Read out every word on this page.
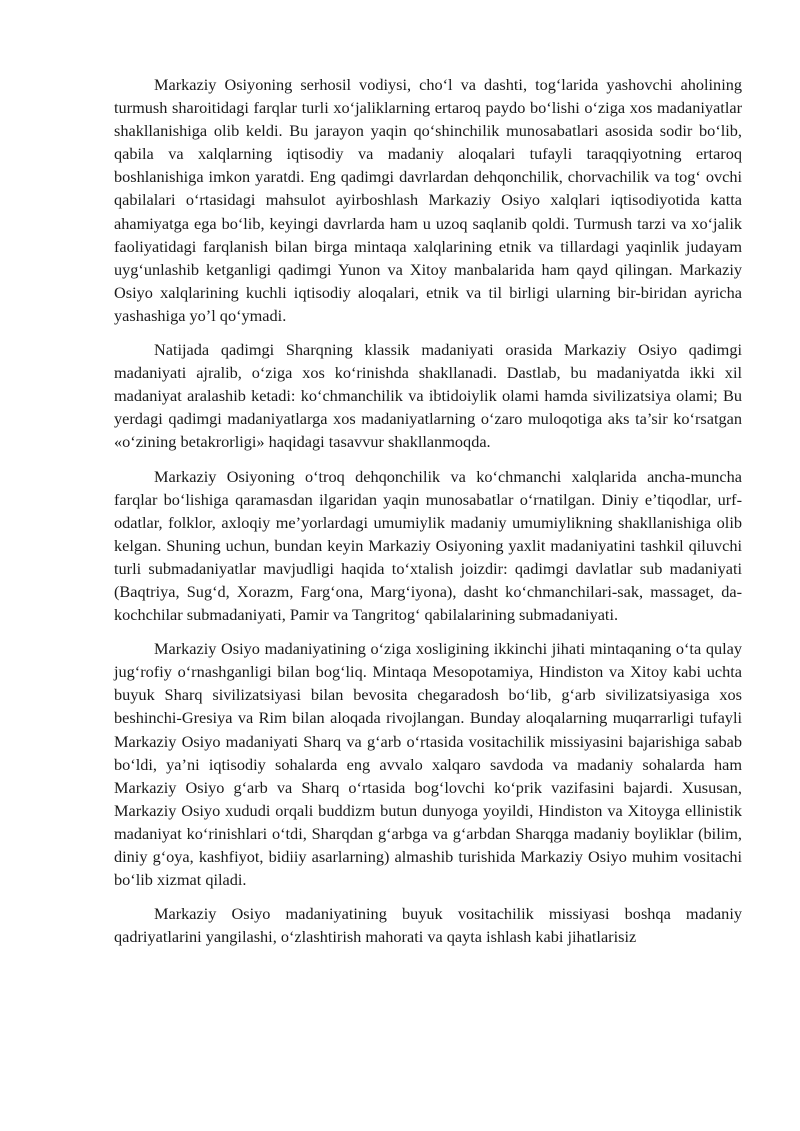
Markaziy Osiyoning serhosil vodiysi, cho‘l va dashti, tog‘larida yashovchi aholining turmush sharoitidagi farqlar turli xo‘jaliklarning ertaroq paydo bo‘lishi o‘ziga xos madaniyatlar shakllanishiga olib keldi. Bu jarayon yaqin qo‘shinchilik munosabatlari asosida sodir bo‘lib, qabila va xalqlarning iqtisodiy va madaniy aloqalari tufayli taraqqiyotning ertaroq boshlanishiga imkon yaratdi. Eng qadimgi davrlardan dehqonchilik, chorvachilik va tog‘ ovchi qabilalari o‘rtasidagi mahsulot ayirboshlash Markaziy Osiyo xalqlari iqtisodiyotida katta ahamiyatga ega bo‘lib, keyingi davrlarda ham u uzoq saqlanib qoldi. Turmush tarzi va xo‘jalik faoliyatidagi farqlanish bilan birga mintaqa xalqlarining etnik va tillardagi yaqinlik judayam uyg‘unlashib ketganligi qadimgi Yunon va Xitoy manbalarida ham qayd qilingan. Markaziy Osiyo xalqlarining kuchli iqtisodiy aloqalari, etnik va til birligi ularning bir-biridan ayricha yashashiga yo’l qo‘ymadi.

Natijada qadimgi Sharqning klassik madaniyati orasida Markaziy Osiyo qadimgi madaniyati ajralib, o‘ziga xos ko‘rinishda shakllanadi. Dastlab, bu madaniyatda ikki xil madaniyat aralashib ketadi: ko‘chmanchilik va ibtidoiylik olami hamda sivilizatsiya olami; Bu yerdagi qadimgi madaniyatlarga xos madaniyatlarning o‘zaro muloqotiga aks ta’sir ko‘rsatgan «o‘zining betakrorligi» haqidagi tasavvur shakllanmoqda.

Markaziy Osiyoning o‘troq dehqonchilik va ko‘chmanchi xalqlarida ancha-muncha farqlar bo‘lishiga qaramasdan ilgaridan yaqin munosabatlar o‘rnatilgan. Diniy e’tiqodlar, urf-odatlar, folklor, axloqiy me’yorlardagi umumiylik madaniy umumiylikning shakllanishiga olib kelgan. Shuning uchun, bundan keyin Markaziy Osiyoning yaxlit madaniyatini tashkil qiluvchi turli submadaniyatlar mavjudligi haqida to‘xtalish joizdir: qadimgi davlatlar sub madaniyati (Baqtriya, Sug‘d, Xorazm, Farg‘ona, Marg‘iyona), dasht ko‘chmanchilari-sak, massaget, da-kochchilar submadaniyati, Pamir va Tangritog‘ qabilalarining submadaniyati.

Markaziy Osiyo madaniyatining o‘ziga xosligining ikkinchi jihati mintaqaning o‘ta qulay jug‘rofiy o‘rnashganligi bilan bog‘liq. Mintaqa Mesopotamiya, Hindiston va Xitoy kabi uchta buyuk Sharq sivilizatsiyasi bilan bevosita chegaradosh bo‘lib, g‘arb sivilizatsiyasiga xos beshinchi-Gresiya va Rim bilan aloqada rivojlangan. Bunday aloqalarning muqarrarligi tufayli Markaziy Osiyo madaniyati Sharq va g‘arb o‘rtasida vositachilik missiyasini bajarishiga sabab bo‘ldi, ya’ni iqtisodiy sohalarda eng avvalo xalqaro savdoda va madaniy sohalarda ham Markaziy Osiyo g‘arb va Sharq o‘rtasida bog‘lovchi ko‘prik vazifasini bajardi. Xususan, Markaziy Osiyo xududi orqali buddizm butun dunyoga yoyildi, Hindiston va Xitoyga ellinistik madaniyat ko‘rinishlari o‘tdi, Sharqdan g‘arbga va g‘arbdan Sharqga madaniy boyliklar (bilim, diniy g‘oya, kashfiyot, bidiiy asarlarning) almashib turishida Markaziy Osiyo muhim vositachi bo‘lib xizmat qiladi.

Markaziy Osiyo madaniyatining buyuk vositachilik missiyasi boshqa madaniy qadriyatlarini yangilashi, o‘zlashtirish mahorati va qayta ishlash kabi jihatlarisiz
